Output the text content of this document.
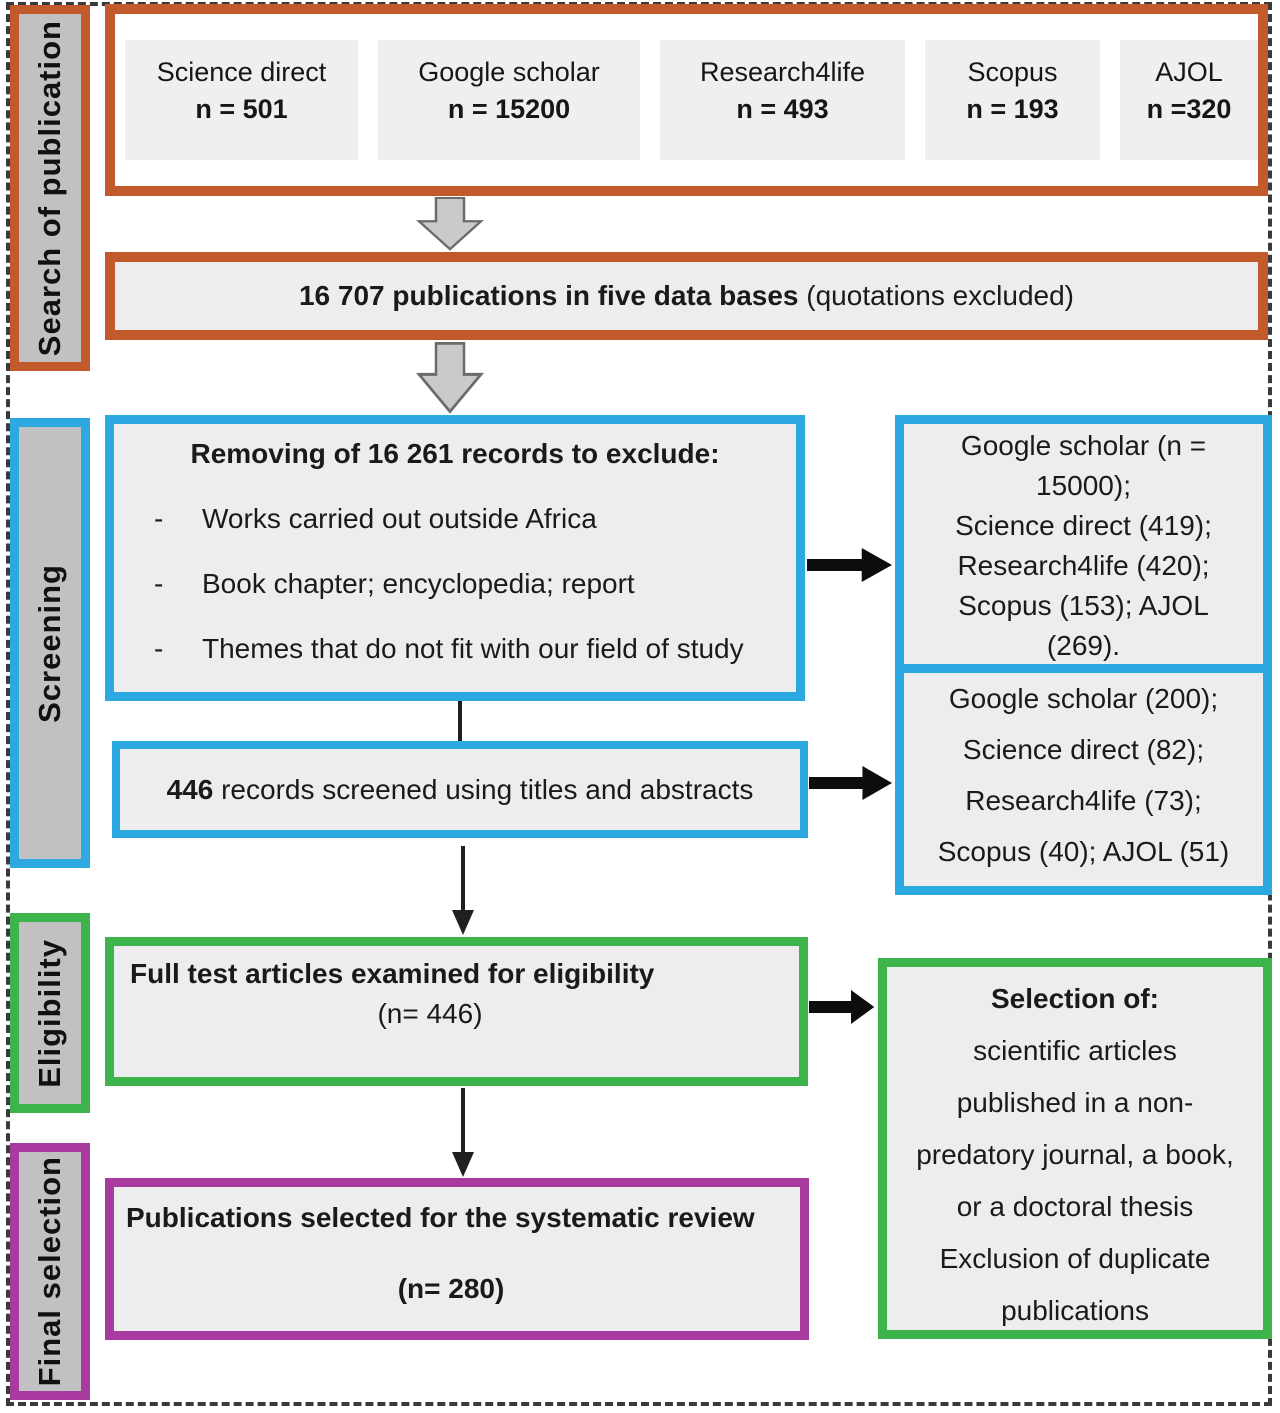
Search of publication
Screening
Eligibility
Final selection
Science direct
n = 501
Google scholar
n = 15200
Research4life
n = 493
Scopus
n = 193
AJOL
n =320
16 707 publications in five data bases (quotations excluded)
Removing of 16 261 records to exclude:
-	Works carried out outside Africa
-	Book chapter; encyclopedia; report
-	Themes that do not fit with our field of study
Google scholar (n =
15000);
Science direct (419);
Research4life (420);
Scopus (153); AJOL
(269).
Google scholar (200);
Science direct (82);
Research4life (73);
Scopus (40); AJOL (51)
446 records screened using titles and abstracts
Full test articles examined for eligibility
(n= 446)	Selection of:
scientific articles
published in a non-
predatory journal, a book,
or a doctoral thesis
Exclusion of duplicate
publications
Publications selected for the systematic review
(n= 280)
